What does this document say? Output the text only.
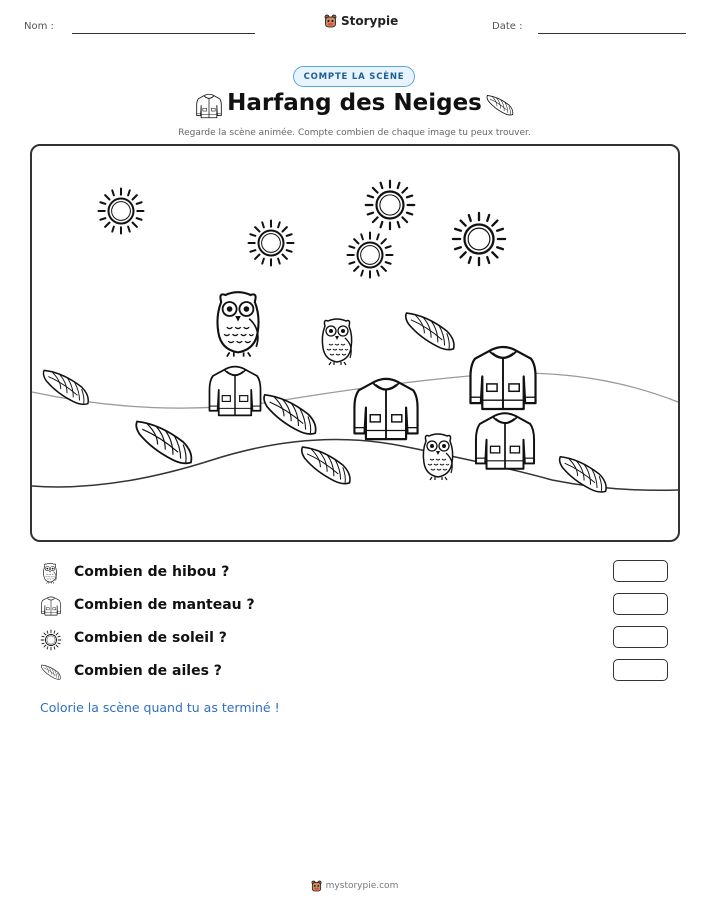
Nom :	Storypie	Date :
COMPTE LA SCÈNE
Harfang des Neiges
Regarde la scène animée. Compte combien de chaque image tu peux trouver.
Combien de hibou ?
Combien de manteau ?
Combien de soleil ?
Combien de ailes ?
Colorie la scène quand tu as terminé !
mystorypie.com
